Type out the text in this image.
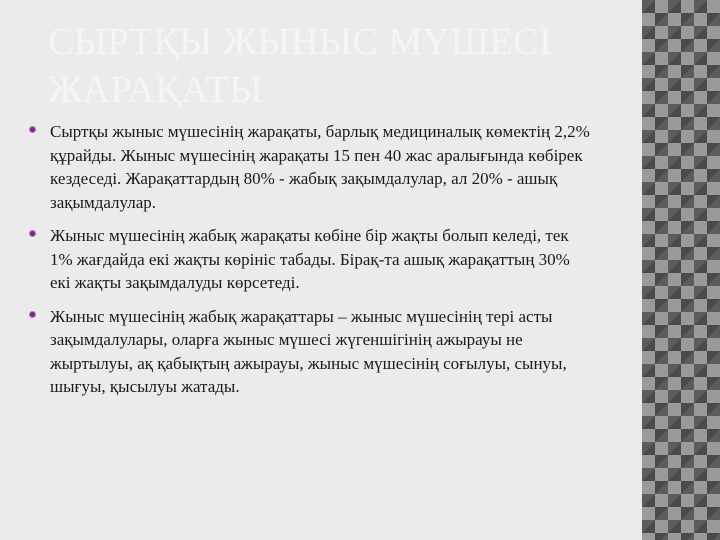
СЫРТҚЫ ЖЫНЫС МҮШЕСІ ЖАРАҚАТЫ
Сыртқы жыныс мүшесінің жарақаты, барлық медициналық көмектің 2,2% құрайды. Жыныс мүшесінің жарақаты 15 пен 40 жас аралығында көбірек кездеседі. Жарақаттардың 80% - жабық зақымдалулар, ал 20% - ашық зақымдалулар.
Жыныс мүшесінің жабық жарақаты көбіне бір жақты болып келеді, тек 1% жағдайда екі жақты көрініс табады. Бірақ-та ашық жарақаттың 30% екі жақты зақымдалуды көрсетеді.
Жыныс мүшесінің жабық жарақаттары – жыныс мүшесінің тері асты зақымдалулары, оларға жыныс мүшесі жүгеншігінің ажырауы не жыртылуы, ақ қабықтың ажырауы, жыныс мүшесінің соғылуы, сынуы, шығуы, қысылуы жатады.
